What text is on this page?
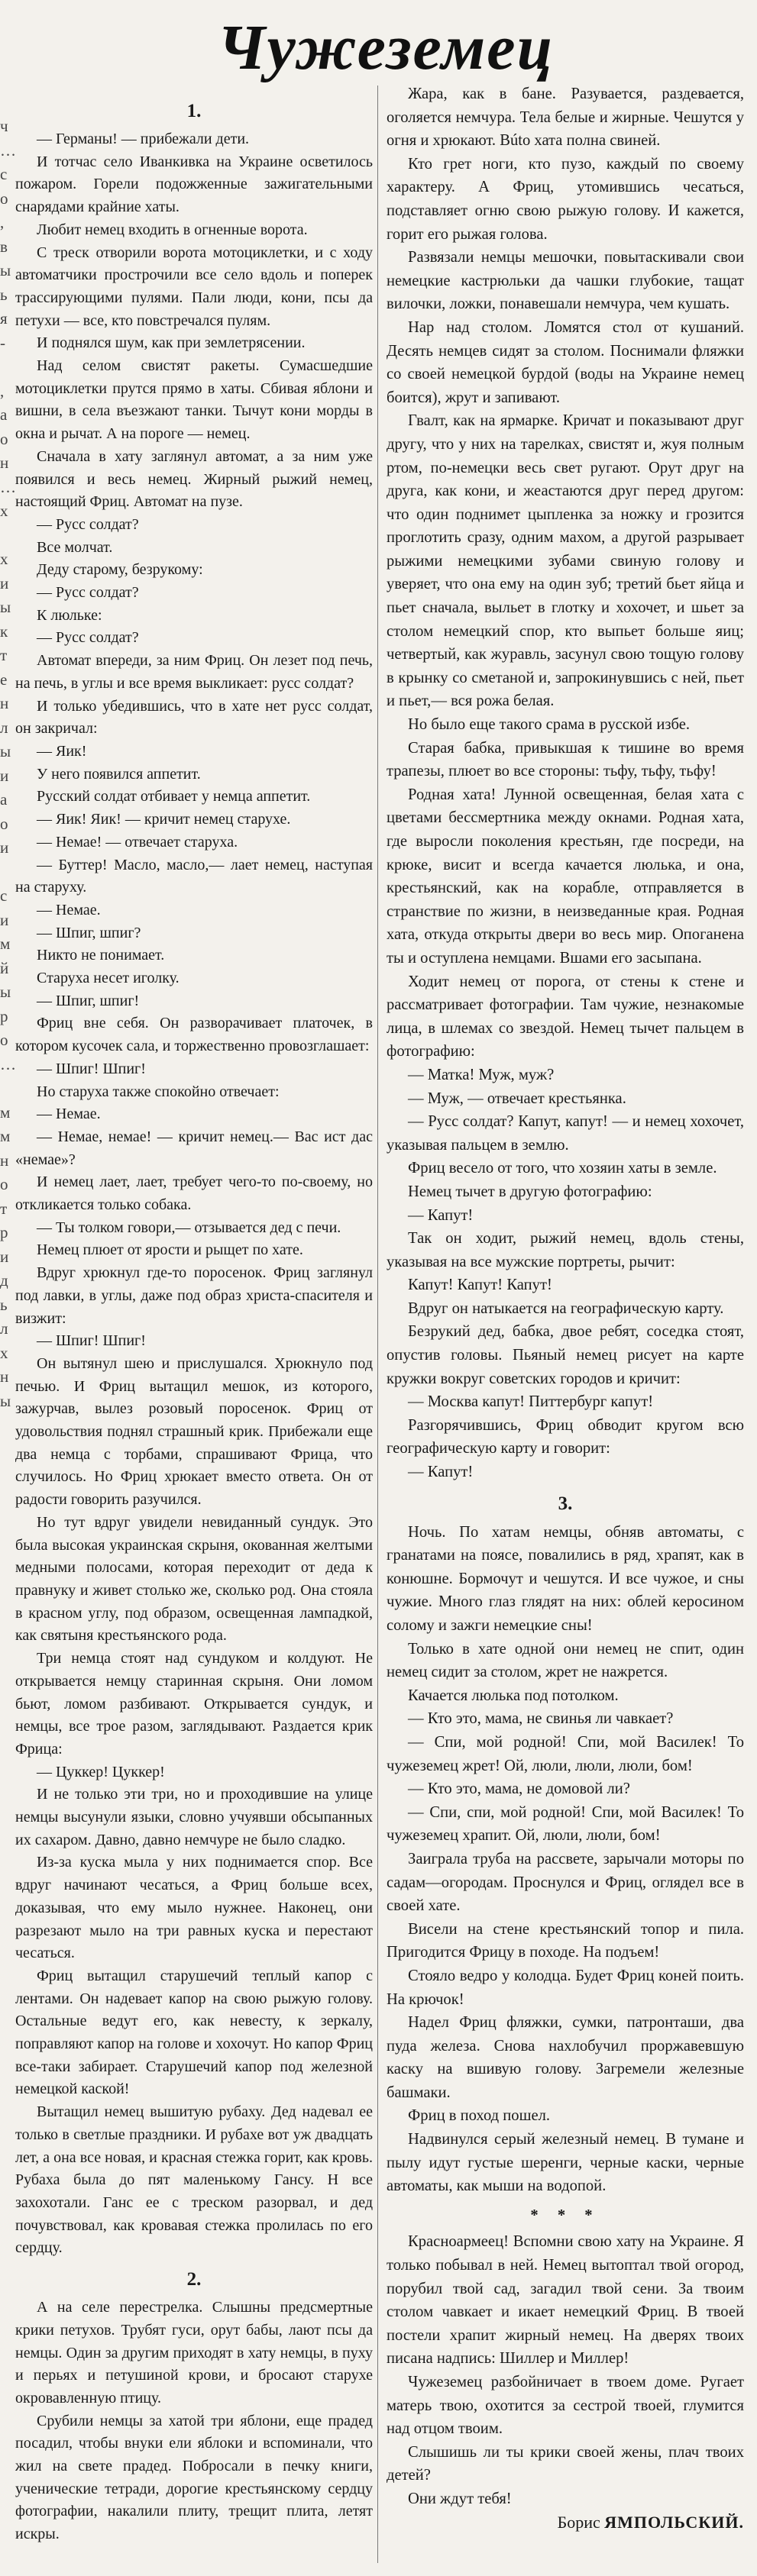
Чужеземец
ч
…
с
о
,
в
ы
ь
я
-

,
а
о
н
…
х

х
и
ы
к
т
е
н
л
ы
и
а
о
и

с
и
м
й
ы
р
о
…

м
м
н
о
т
р
и
д
ь
л
х
н
ы
1.

— Германы! — прибежали дети.

И тотчас село Иванкивка на Украине осветилось пожаром. Горели подожженные зажигательными снарядами крайние хаты.

Любит немец входить в огненные ворота.

С треск отворили ворота мотоциклетки, и с ходу автоматчики прострочили все село вдоль и поперек трассирующими пулями. Пали люди, кони, псы да петухи — все, кто повстречался пулям.

И поднялся шум, как при землетрясении.

Над селом свистят ракеты. Сумасшедшие мотоциклетки прутся прямо в хаты. Сбивая яблони и вишни, в села въезжают танки. Тычут кони морды в окна и рычат. А на пороге — немец.

Сначала в хату заглянул автомат, а за ним уже появился и весь немец. Жирный рыжий немец, настоящий Фриц. Автомат на пузе.

— Русс солдат?

Все молчат.

Деду старому, безрукому:

— Русс солдат?

К люльке:

— Русс солдат?

Автомат впереди, за ним Фриц. Он лезет под печь, на печь, в углы и все время выкликает: русс солдат?

И только убедившись, что в хате нет русс солдат, он закричал:

— Яик!

У него появился аппетит.

Русский солдат отбивает у немца аппетит.

— Яик! Яик! — кричит немец старухе.

— Немае! — отвечает старуха.

— Буттер! Масло, масло,— лает немец, наступая на старуху.

— Немае.

— Шпиг, шпиг?

Никто не понимает.

Старуха несет иголку.

— Шпиг, шпиг!

Фриц вне себя. Он разворачивает платочек, в котором кусочек сала, и торжественно провозглашает:

— Шпиг! Шпиг!

Но старуха также спокойно отвечает:

— Немае.

— Немае, немае! — кричит немец.— Вас ист дас «немае»?

И немец лает, лает, требует чего-то по-своему, но откликается только собака.

— Ты толком говори,— отзывается дед с печи.

Немец плюет от ярости и рыщет по хате.

Вдруг хрюкнул где-то поросенок. Фриц заглянул под лавки, в углы, даже под образ христа-спасителя и визжит:

— Шпиг! Шпиг!

Он вытянул шею и прислушался. Хрюкнуло под печью. И Фриц вытащил мешок, из которого, зажурчав, вылез розовый поросенок. Фриц от удовольствия поднял страшный крик. Прибежали еще два немца с торбами, спрашивают Фрица, что случилось. Но Фриц хрюкает вместо ответа. Он от радости говорить разучился.

Но тут вдруг увидели невиданный сундук. Это была высокая украинская скрыня, окованная желтыми медными полосами, которая переходит от деда к правнуку и живет столько же, сколько род. Она стояла в красном углу, под образом, освещенная лампадкой, как святыня крестьянского рода.

Три немца стоят над сундуком и колдуют. Не открывается немцу старинная скрыня. Они ломом бьют, ломом разбивают. Открывается сундук, и немцы, все трое разом, заглядывают. Раздается крик Фрица:

— Цуккер! Цуккер!

И не только эти три, но и проходившие на улице немцы высунули языки, словно учуявши обсыпанных их сахаром. Давно, давно немчуре не было сладко.

Из-за куска мыла у них поднимается спор. Все вдруг начинают чесаться, а Фриц больше всех, доказывая, что ему мыло нужнее. Наконец, они разрезают мыло на три равных куска и перестают чесаться.

Фриц вытащил старушечий теплый капор с лентами. Он надевает капор на свою рыжую голову. Остальные ведут его, как невесту, к зеркалу, поправляют капор на голове и хохочут. Но капор Фриц все-таки забирает. Старушечий капор под железной немецкой каской!

Вытащил немец вышитую рубаху. Дед надевал ее только в светлые праздники. И рубахе вот уж двадцать лет, а она все новая, и красная стежка горит, как кровь. Рубаха была до пят маленькому Гансу. Н все захохотали. Ганс ее с треском разорвал, и дед почувствовал, как кровавая стежка пролилась по его сердцу.

2.

А на селе перестрелка. Слышны предсмертные крики петухов. Трубят гуси, орут бабы, лают псы да немцы. Один за другим приходят в хату немцы, в пуху и перьях и петушиной крови, и бросают старухе окровавленную птицу.

Срубили немцы за хатой три яблони, еще прадед посадил, чтобы внуки ели яблоки и вспоминали, что жил на свете прадед. Побросали в печку книги, ученические тетради, дорогие крестьянскому сердцу фотографии, накалили плиту, трещит плита, летят искры.

Жара, как в бане. Разувается, раздевается, оголяется немчура. Тела белые и жирные. Чешутся у огня и хрюкают. Búto хата полна свиней.

Кто грет ноги, кто пузо, каждый по своему характеру. А Фриц, утомившись чесаться, подставляет огню свою рыжую голову. И кажется, горит его рыжая голова.

Развязали немцы мешочки, повытаскивали свои немецкие кастрюльки да чашки глубокие, тащат вилочки, ложки, понавешали немчура, чем кушать.

Нар над столом. Ломятся стол от кушаний. Десять немцев сидят за столом. Поснимали фляжки со своей немецкой бурдой (воды на Украине немец боится), жрут и запивают.

Гвалт, как на ярмарке. Кричат и показывают друг другу, что у них на тарелках, свистят и, жуя полным ртом, по-немецки весь свет ругают. Орут друг на друга, как кони, и жеастаются друг перед другом: что один поднимет цыпленка за ножку и грозится проглотить сразу, одним махом, а другой разрывает рыжими немецкими зубами свиную голову и уверяет, что она ему на один зуб; третий бьет яйца и пьет сначала, выльет в глотку и хохочет, и шьет за столом немецкий спор, кто выпьет больше яиц; четвертый, как журавль, засунул свою тощую голову в крынку со сметаной и, запрокинувшись с ней, пьет и пьет,— вся рожа белая.

Но было еще такого срама в русской избе.

Старая бабка, привыкшая к тишине во время трапезы, плюет во все стороны: тьфу, тьфу, тьфу!

Родная хата! Лунной освещенная, белая хата с цветами бессмертника между окнами. Родная хата, где выросли поколения крестьян, где посреди, на крюке, висит и всегда качается люлька, и она, крестьянский, как на корабле, отправляется в странствие по жизни, в неизведанные края. Родная хата, откуда открыты двери во весь мир. Опоганена ты и оступлена немцами. Вшами его засыпана.

Ходит немец от порога, от стены к стене и рассматривает фотографии. Там чужие, незнакомые лица, в шлемах со звездой. Немец тычет пальцем в фотографию:

— Матка! Муж, муж?

— Муж, — отвечает крестьянка.

— Русс солдат? Капут, капут! — и немец хохочет, указывая пальцем в землю.

Фриц весело от того, что хозяин хаты в земле.

Немец тычет в другую фотографию:

— Капут!

Так он ходит, рыжий немец, вдоль стены, указывая на все мужские портреты, рычит:

Капут! Капут! Капут!

Вдруг он натыкается на географическую карту.

Безрукий дед, бабка, двое ребят, соседка стоят, опустив головы. Пьяный немец рисует на карте кружки вокруг советских городов и кричит:

— Москва капут! Питтербург капут!

Разгорячившись, Фриц обводит кругом всю географическую карту и говорит:

— Капут!

3.

Ночь. По хатам немцы, обняв автоматы, с гранатами на поясе, повалились в ряд, храпят, как в конюшне. Бормочут и чешутся. И все чужое, и сны чужие. Много глаз глядят на них: облей керосином солому и зажги немецкие сны!

Только в хате одной они немец не спит, один немец сидит за столом, жрет не нажрется.

Качается люлька под потолком.

— Кто это, мама, не свинья ли чавкает?

— Спи, мой родной! Спи, мой Василек! То чужеземец жрет! Ой, люли, люли, люли, бом!

— Кто это, мама, не домовой ли?

— Спи, спи, мой родной! Спи, мой Василек! То чужеземец храпит. Ой, люли, люли, бом!

Заиграла труба на рассвете, зарычали моторы по садам—огородам. Проснулся и Фриц, оглядел все в своей хате.

Висели на стене крестьянский топор и пила. Пригодится Фрицу в походе. На подъем!

Стояло ведро у колодца. Будет Фриц коней поить. На крючок!

Надел Фриц фляжки, сумки, патронташи, два пуда железа. Снова нахлобучил проржавевшую каску на вшивую голову. Загремели железные башмаки.

Фриц в поход пошел.

Надвинулся серый железный немец. В тумане и пылу идут густые шеренги, черные каски, черные автоматы, как мыши на водопой.

* * *

Красноармеец! Вспомни свою хату на Украине. Я только побывал в ней. Немец вытоптал твой огород, порубил твой сад, загадил твой сени. За твоим столом чавкает и икает немецкий Фриц. В твоей постели храпит жирный немец. На дверях твоих писана надпись: Шиллер и Миллер!

Чужеземец разбойничает в твоем доме. Ругает матерь твою, охотится за сестрой твоей, глумится над отцом твоим.

Слышишь ли ты крики своей жены, плач твоих детей?

Они ждут тебя!

Борис ЯМПОЛЬСКИЙ.
